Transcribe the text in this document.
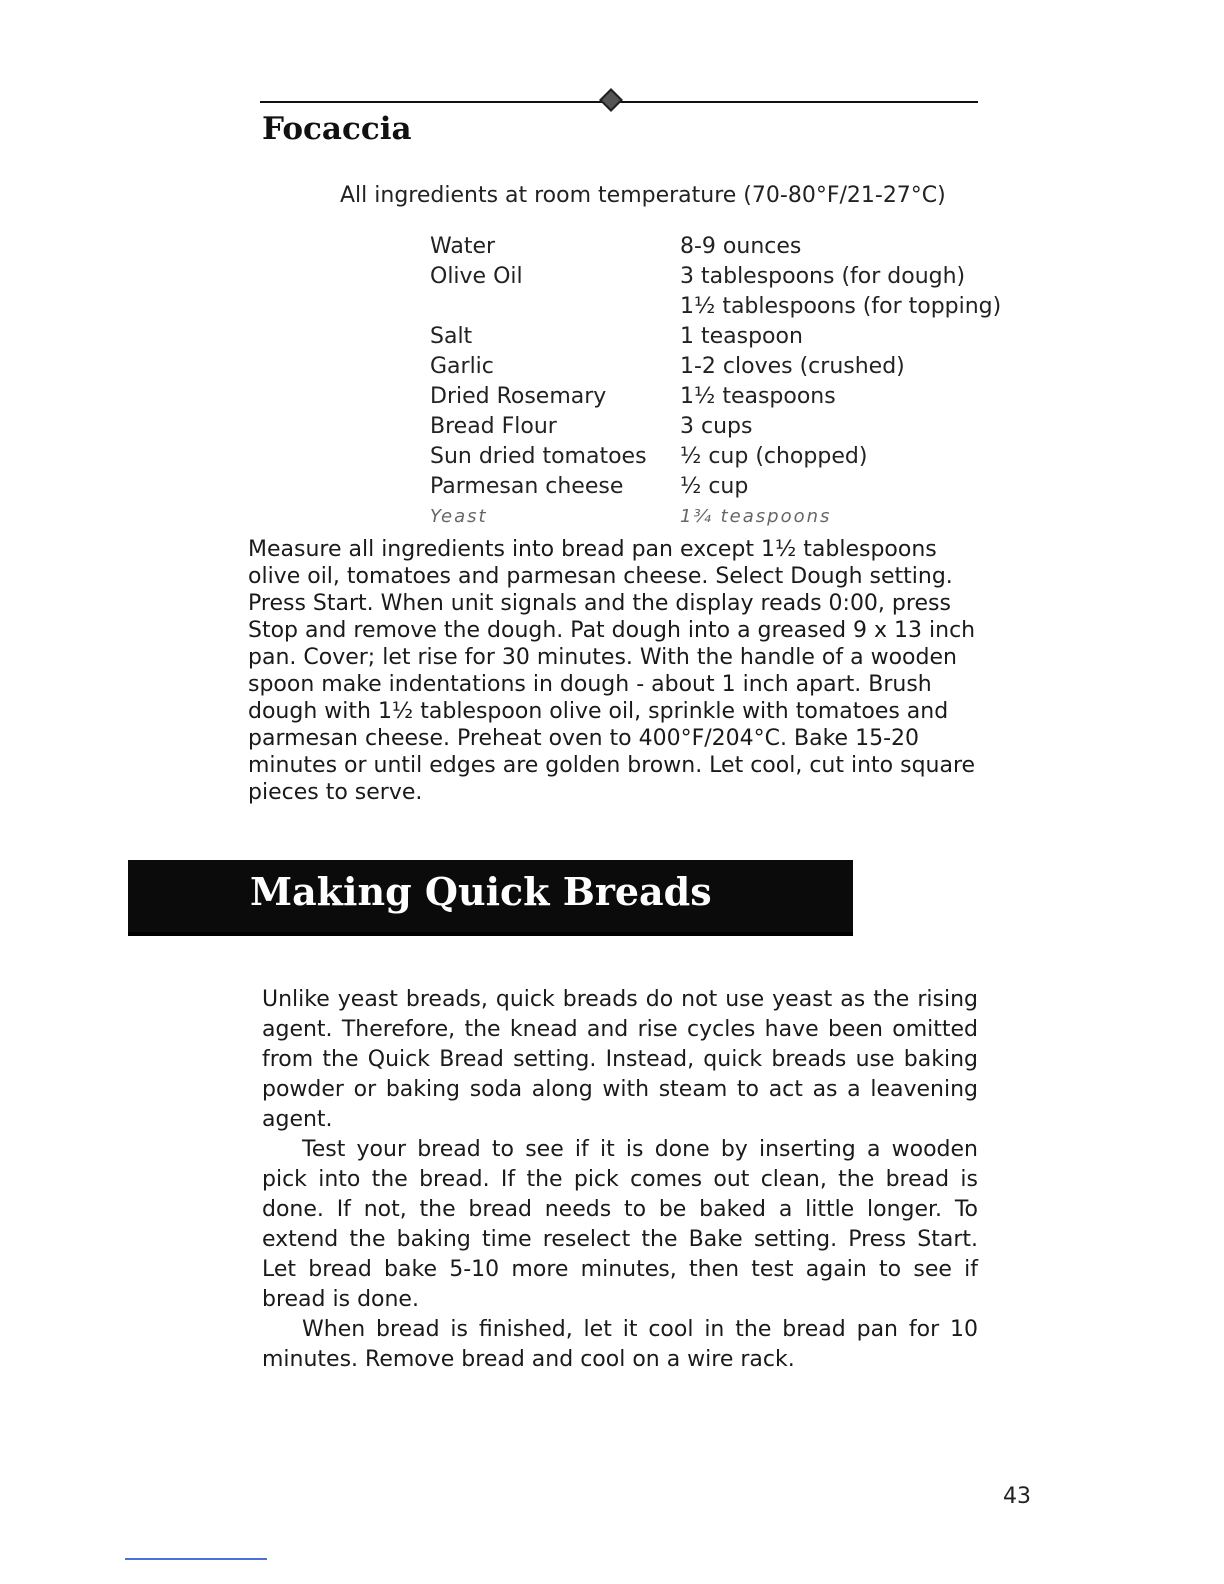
Focaccia
All ingredients at room temperature (70-80°F/21-27°C)
Water	8-9 ounces
Olive Oil	3 tablespoons (for dough)
1½ tablespoons (for topping)
Salt	1 teaspoon
Garlic	1-2 cloves (crushed)
Dried Rosemary	1½ teaspoons
Bread Flour	3 cups
Sun dried tomatoes	½ cup (chopped)
Parmesan cheese	½ cup
Yeast	1¾ teaspoons

Measure all ingredients into bread pan except 1½ tablespoons olive oil, tomatoes and parmesan cheese. Select Dough setting. Press Start. When unit signals and the display reads 0:00, press Stop and remove the dough. Pat dough into a greased 9 x 13 inch pan. Cover; let rise for 30 minutes. With the handle of a wooden spoon make indentations in dough - about 1 inch apart. Brush dough with 1½ tablespoon olive oil, sprinkle with tomatoes and parmesan cheese. Preheat oven to 400°F/204°C. Bake 15-20 minutes or until edges are golden brown. Let cool, cut into square pieces to serve.

Making Quick Breads

Unlike yeast breads, quick breads do not use yeast as the rising agent. Therefore, the knead and rise cycles have been omitted from the Quick Bread setting. Instead, quick breads use baking powder or baking soda along with steam to act as a leavening agent.

Test your bread to see if it is done by inserting a wooden pick into the bread. If the pick comes out clean, the bread is done. If not, the bread needs to be baked a little longer. To extend the baking time reselect the Bake setting. Press Start. Let bread bake 5-10 more minutes, then test again to see if bread is done.

When bread is finished, let it cool in the bread pan for 10 minutes. Remove bread and cool on a wire rack.

43
